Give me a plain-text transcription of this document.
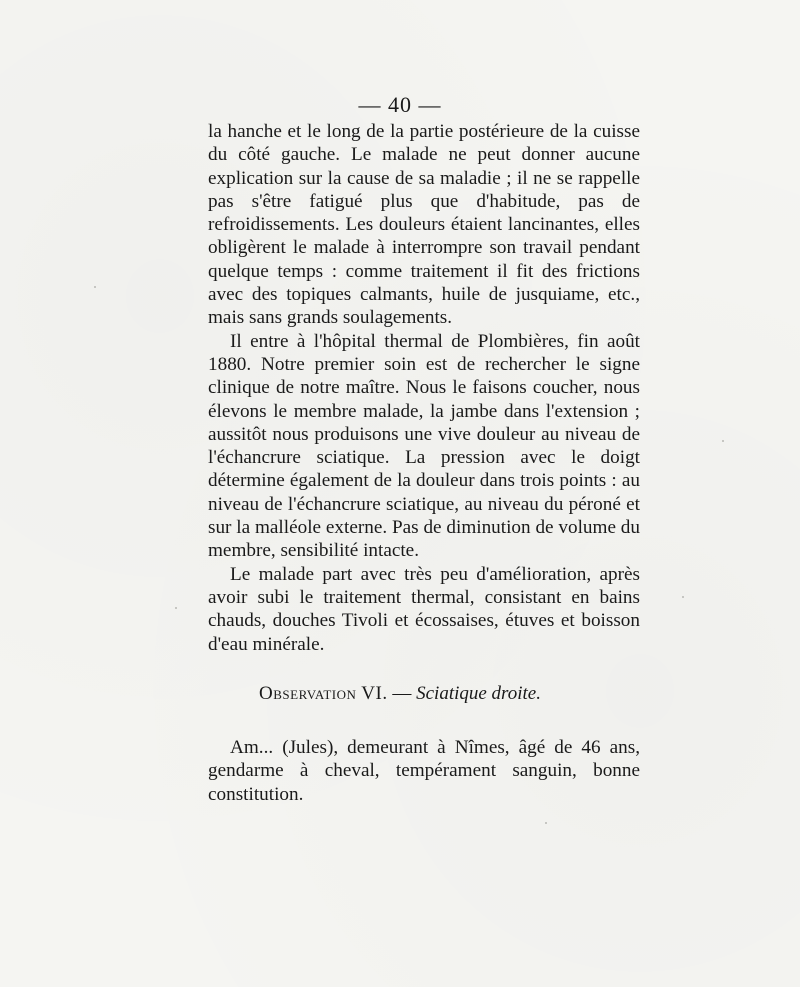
— 40 —

la hanche et le long de la partie postérieure de la cuisse du côté gauche. Le malade ne peut donner aucune explication sur la cause de sa maladie ; il ne se rappelle pas s'être fatigué plus que d'habitude, pas de refroidissements. Les douleurs étaient lancinantes, elles obligèrent le malade à interrompre son travail pendant quelque temps : comme traitement il fit des frictions avec des topiques calmants, huile de jusquiame, etc., mais sans grands soulagements.

Il entre à l'hôpital thermal de Plombières, fin août 1880. Notre premier soin est de rechercher le signe clinique de notre maître. Nous le faisons coucher, nous élevons le membre malade, la jambe dans l'extension ; aussitôt nous produisons une vive douleur au niveau de l'échancrure sciatique. La pression avec le doigt détermine également de la douleur dans trois points : au niveau de l'échancrure sciatique, au niveau du péroné et sur la malléole externe. Pas de diminution de volume du membre, sensibilité intacte.

Le malade part avec très peu d'amélioration, après avoir subi le traitement thermal, consistant en bains chauds, douches Tivoli et écossaises, étuves et boisson d'eau minérale.

Observation VI. — Sciatique droite.

Am... (Jules), demeurant à Nîmes, âgé de 46 ans, gendarme à cheval, tempérament sanguin, bonne constitution.
